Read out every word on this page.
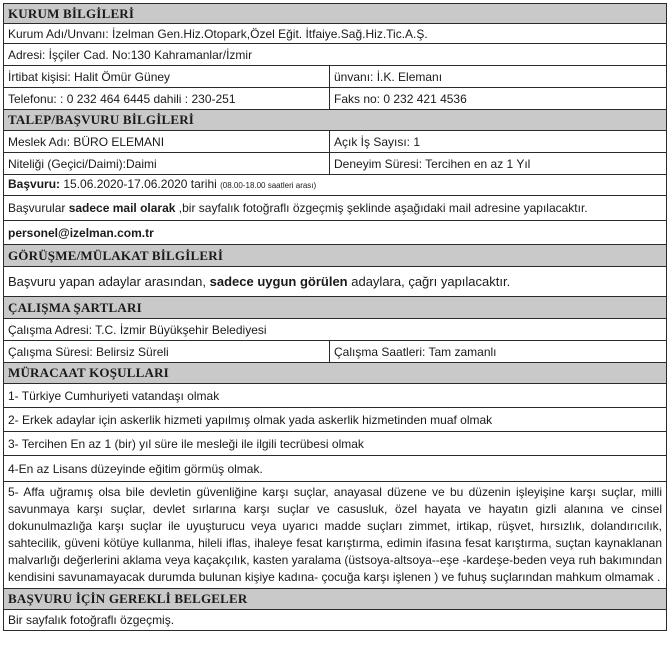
KURUM BİLGİLERİ	
Kurum Adı/Unvanı: İzelman Gen.Hiz.Otopark,Özel Eğit. İtfaiye.Sağ.Hiz.Tic.A.Ş.	
Adresi: İşçiler Cad. No:130 Kahramanlar/İzmir	
İrtibat kişisi: Halit Ömür Güney	ünvanı: İ.K. Elemanı
Telefonu: : 0 232 464 6445 dahili : 230-251	Faks no: 0 232 421 4536
TALEP/BAŞVURU BİLGİLERİ	
Meslek Adı: BÜRO ELEMANI	Açık İş Sayısı: 1
Niteliği (Geçici/Daimi):Daimi	Deneyim Süresi: Tercihen en az 1 Yıl
Başvuru: 15.06.2020-17.06.2020 tarihi (08.00-18.00 saatleri arası)	
Başvurular sadece mail olarak ,bir sayfalık fotoğraflı özgeçmiş şeklinde aşağıdaki mail adresine yapılacaktır.	
personel@izelman.com.tr	
GÖRÜŞME/MÜLAKAT BİLGİLERİ	
Başvuru yapan adaylar arasından, sadece uygun görülen adaylara, çağrı yapılacaktır.	
ÇALIŞMA ŞARTLARI	
Çalışma Adresi: T.C. İzmir Büyükşehir Belediyesi	
Çalışma Süresi: Belirsiz Süreli	Çalışma Saatleri: Tam zamanlı
MÜRACAAT KOŞULLARI	
1- Türkiye Cumhuriyeti vatandaşı olmak	
2- Erkek adaylar için askerlik hizmeti yapılmış olmak yada askerlik hizmetinden muaf olmak	
3- Tercihen En az 1 (bir) yıl süre ile mesleği ile ilgili tecrübesi olmak	
4-En az Lisans düzeyinde eğitim görmüş olmak.	
5- Affa uğramış olsa bile devletin güvenliğine karşı suçlar, anayasal düzene ve bu düzenin işleyişine karşı suçlar, milli savunmaya karşı suçlar, devlet sırlarına karşı suçlar ve casusluk, özel hayata ve hayatın gizli alanına ve cinsel dokunulmazlığa karşı suçlar ile uyuşturucu veya uyarıcı madde suçları zimmet, irtikap, rüşvet, hırsızlık, dolandırıcılık, sahtecilik, güveni kötüye kullanma, hileli iflas, ihaleye fesat karıştırma, edimin ifasına fesat karıştırma, suçtan kaynaklanan malvarlığı değerlerini aklama veya kaçakçılık, kasten yaralama (üstsoya-altsoya--eşe -kardeşe-beden veya ruh bakımından kendisini savunamayacak durumda bulunan kişiye kadına- çocuğa karşı işlenen ) ve fuhuş suçlarından mahkum olmamak .	
BAŞVURU İÇİN GEREKLİ BELGELER	
Bir sayfalık fotoğraflı özgeçmiş.	
